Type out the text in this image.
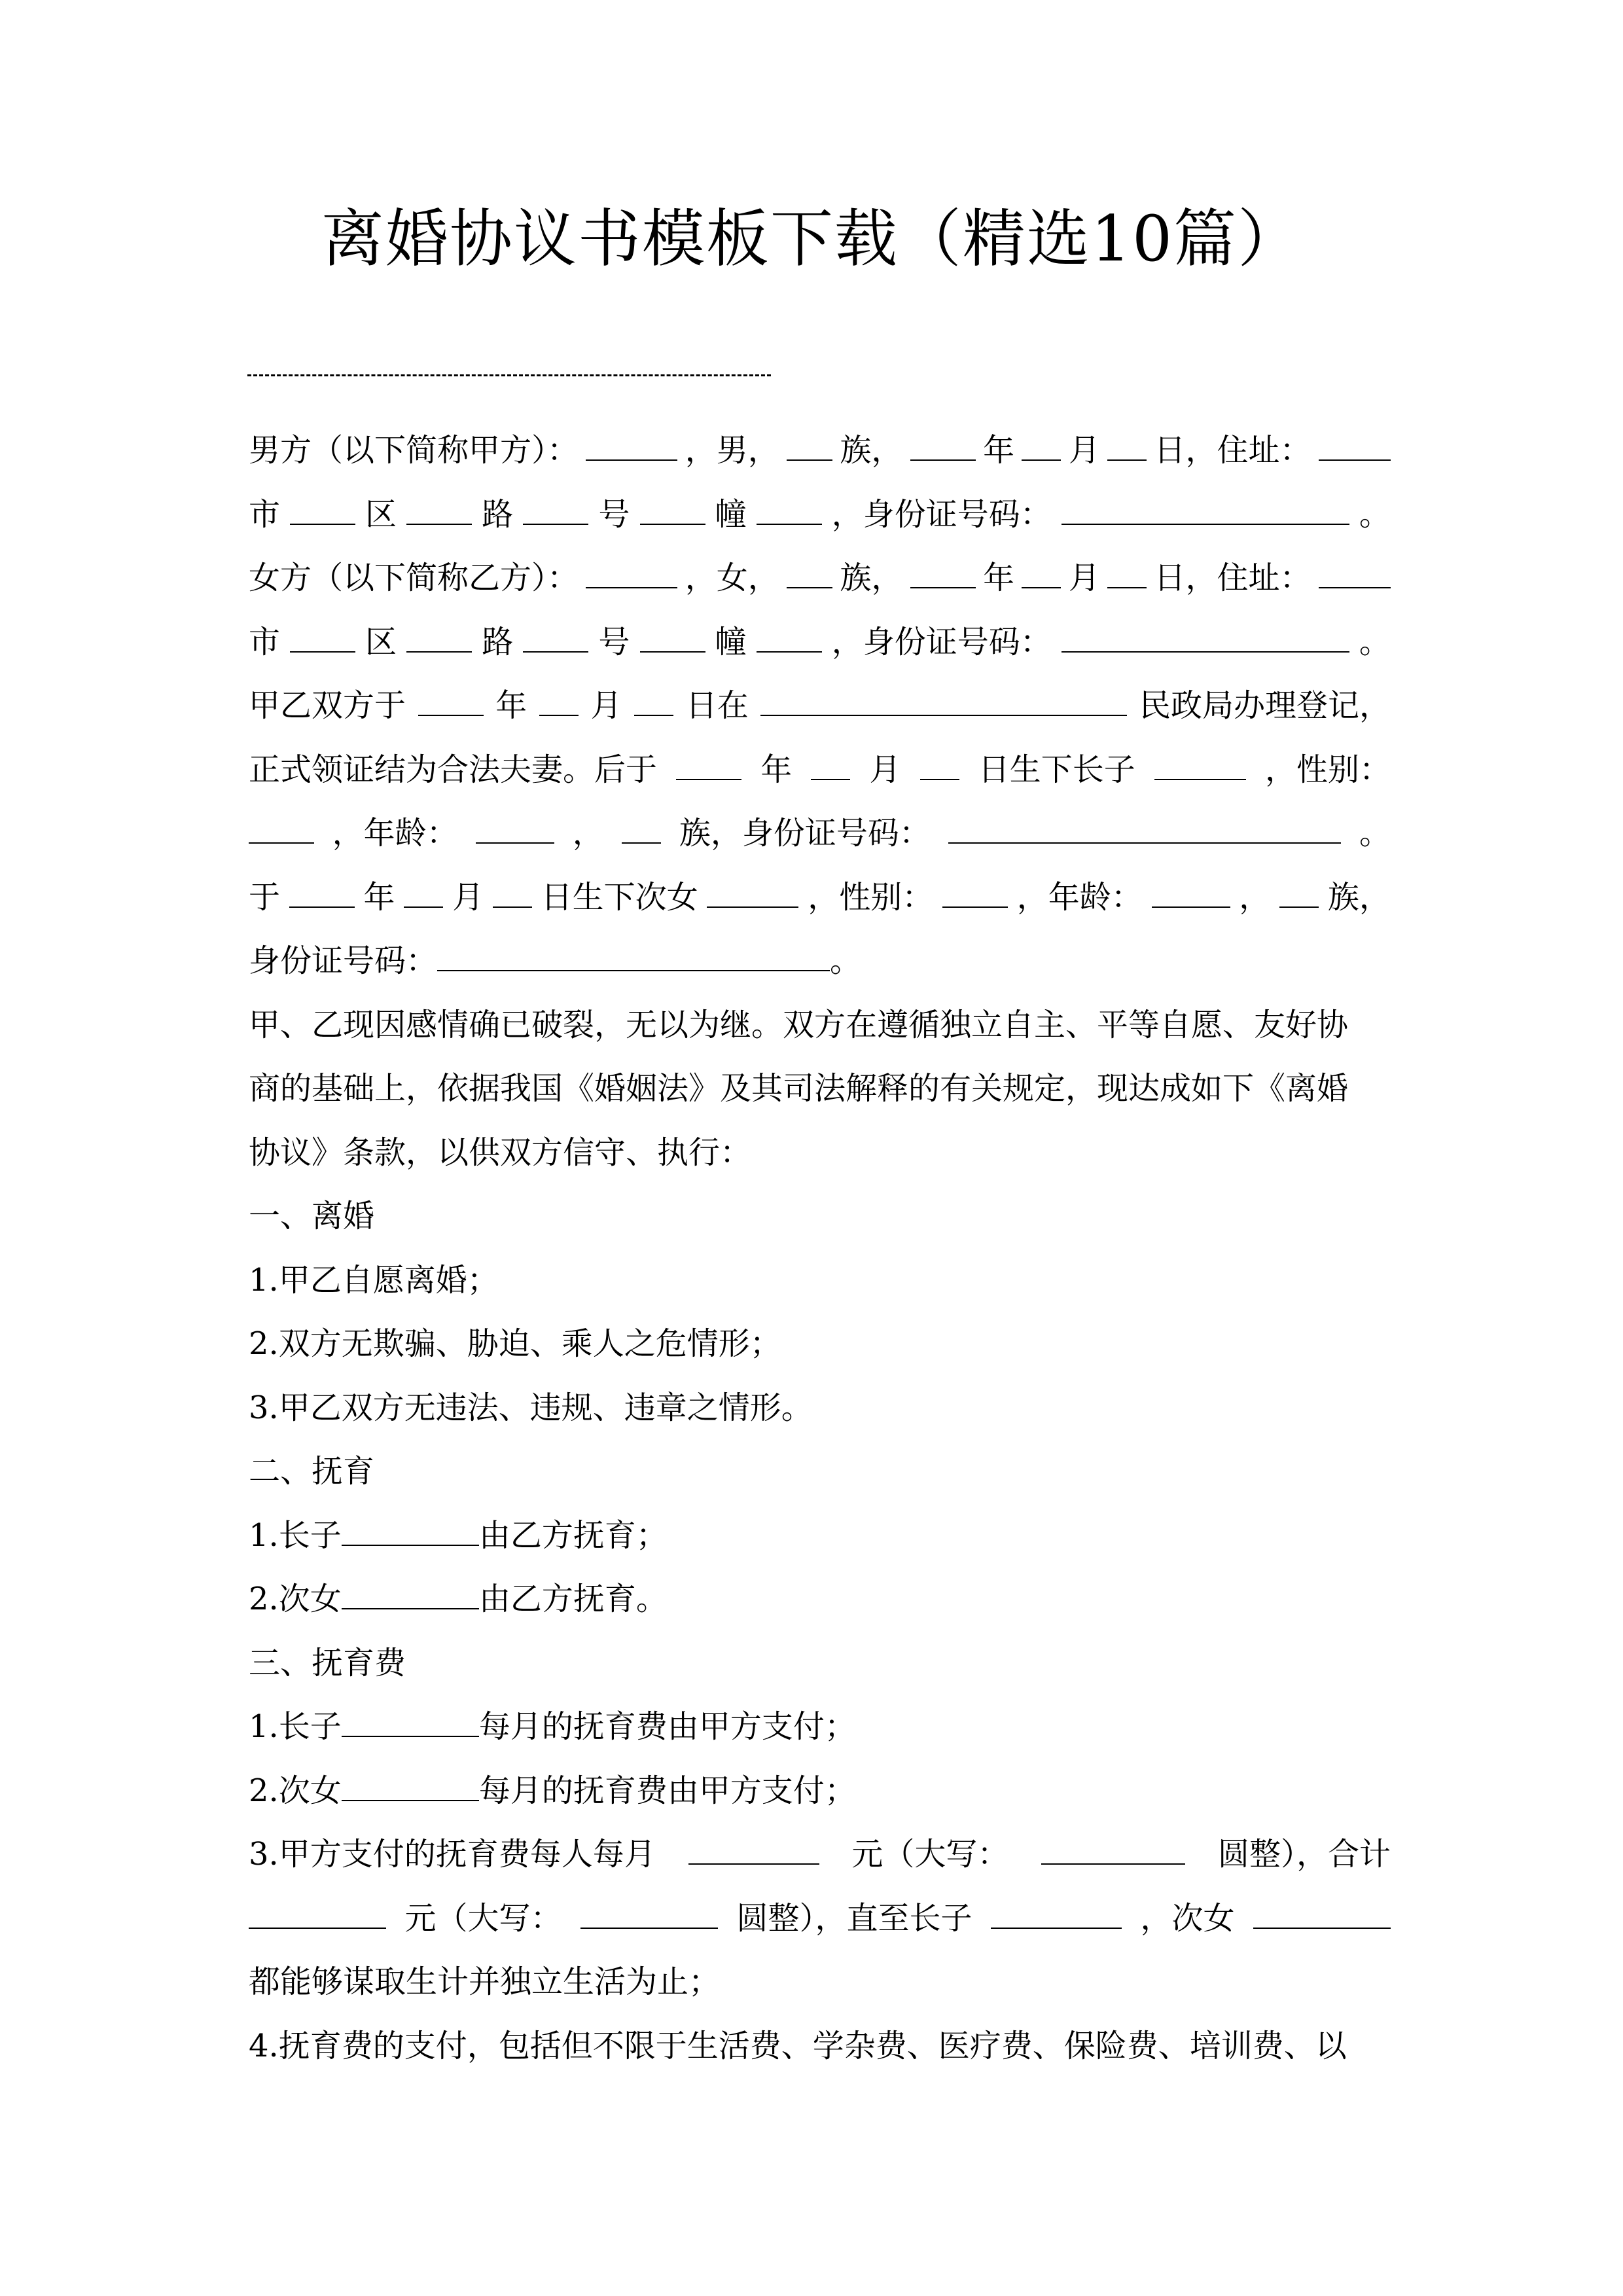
离婚协议书模板下载（精选10篇）
男方（以下简称甲方）：	，男， 族，	年 月 日，住址：
市	区	路	号	幢	，身份证号码：	。
女方（以下简称乙方）：	，女， 族，	年 月 日，住址：
市	区	路	号	幢	，身份证号码：	。
甲乙双方于	年 月 日在	民政局办理登记，
正式领证结为合法夫妻。后于	年 月 日生下长子	，性别：
，年龄：	， 族，身份证号码：	。
于	年 月 日生下次女	，性别：	，年龄：	， 族，
身份证号码：	。
甲、乙现因感情确已破裂，无以为继。双方在遵循独立自主、平等自愿、友好协
商的基础上，依据我国《婚姻法》及其司法解释的有关规定，现达成如下《离婚
协议》条款，以供双方信守、执行：
一、离婚
1.甲乙自愿离婚；
2.双方无欺骗、胁迫、乘人之危情形；
3.甲乙双方无违法、违规、违章之情形。
二、抚育
1.长子	由乙方抚育；
2.次女	由乙方抚育。
三、抚育费
1.长子	每月的抚育费由甲方支付；
2.次女	每月的抚育费由甲方支付；
3.甲方支付的抚育费每人每月	元（大写：	圆整），合计
元（大写：	圆整），直至长子	，次女
都能够谋取生计并独立生活为止；
4.抚育费的支付，包括但不限于生活费、学杂费、医疗费、保险费、培训费、以
